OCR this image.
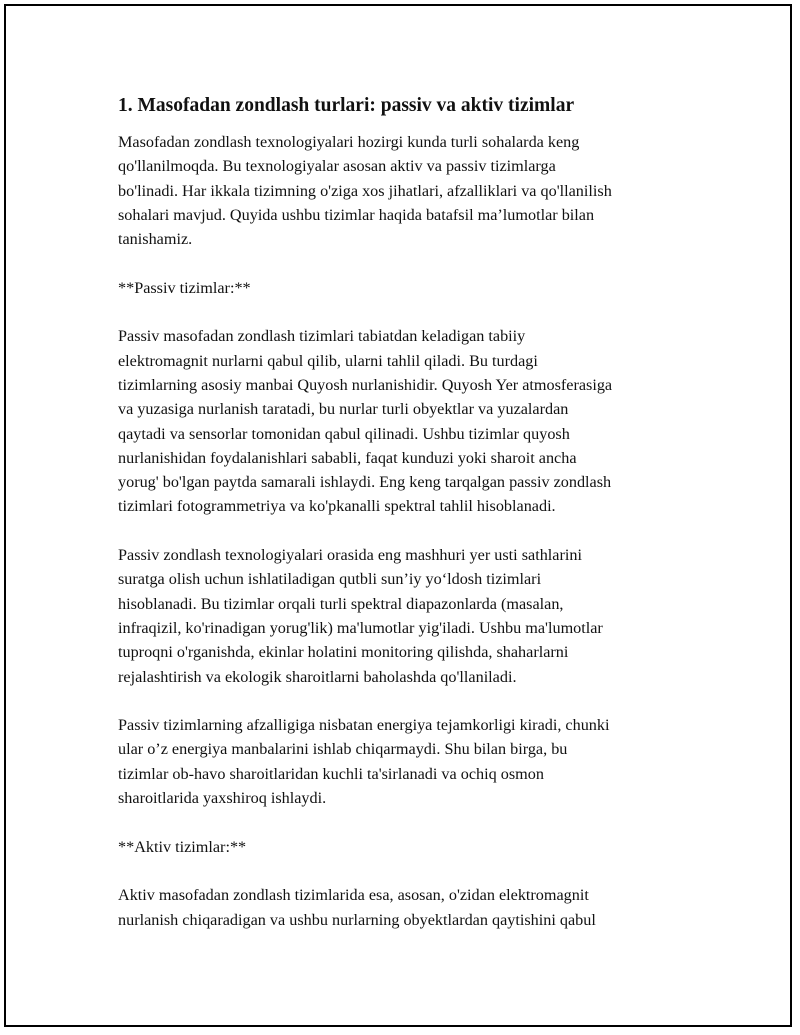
1. Masofadan zondlash turlari: passiv va aktiv tizimlar
Masofadan zondlash texnologiyalari hozirgi kunda turli sohalarda keng
qo'llanilmoqda. Bu texnologiyalar asosan aktiv va passiv tizimlarga
bo'linadi. Har ikkala tizimning o'ziga xos jihatlari, afzalliklari va qo'llanilish
sohalari mavjud. Quyida ushbu tizimlar haqida batafsil ma’lumotlar bilan
tanishamiz.
**Passiv tizimlar:**
Passiv masofadan zondlash tizimlari tabiatdan keladigan tabiiy
elektromagnit nurlarni qabul qilib, ularni tahlil qiladi. Bu turdagi
tizimlarning asosiy manbai Quyosh nurlanishidir. Quyosh Yer atmosferasiga
va yuzasiga nurlanish taratadi, bu nurlar turli obyektlar va yuzalardan
qaytadi va sensorlar tomonidan qabul qilinadi. Ushbu tizimlar quyosh
nurlanishidan foydalanishlari sababli, faqat kunduzi yoki sharoit ancha
yorug' bo'lgan paytda samarali ishlaydi. Eng keng tarqalgan passiv zondlash
tizimlari fotogrammetriya va ko'pkanalli spektral tahlil hisoblanadi.
Passiv zondlash texnologiyalari orasida eng mashhuri yer usti sathlarini
suratga olish uchun ishlatiladigan qutbli sun’iy yo‘ldosh tizimlari
hisoblanadi. Bu tizimlar orqali turli spektral diapazonlarda (masalan,
infraqizil, ko'rinadigan yorug'lik) ma'lumotlar yig'iladi. Ushbu ma'lumotlar
tuproqni o'rganishda, ekinlar holatini monitoring qilishda, shaharlarni
rejalashtirish va ekologik sharoitlarni baholashda qo'llaniladi.
Passiv tizimlarning afzalligiga nisbatan energiya tejamkorligi kiradi, chunki
ular o’z energiya manbalarini ishlab chiqarmaydi. Shu bilan birga, bu
tizimlar ob-havo sharoitlaridan kuchli ta'sirlanadi va ochiq osmon
sharoitlarida yaxshiroq ishlaydi.
**Aktiv tizimlar:**
Aktiv masofadan zondlash tizimlarida esa, asosan, o'zidan elektromagnit
nurlanish chiqaradigan va ushbu nurlarning obyektlardan qaytishini qabul
